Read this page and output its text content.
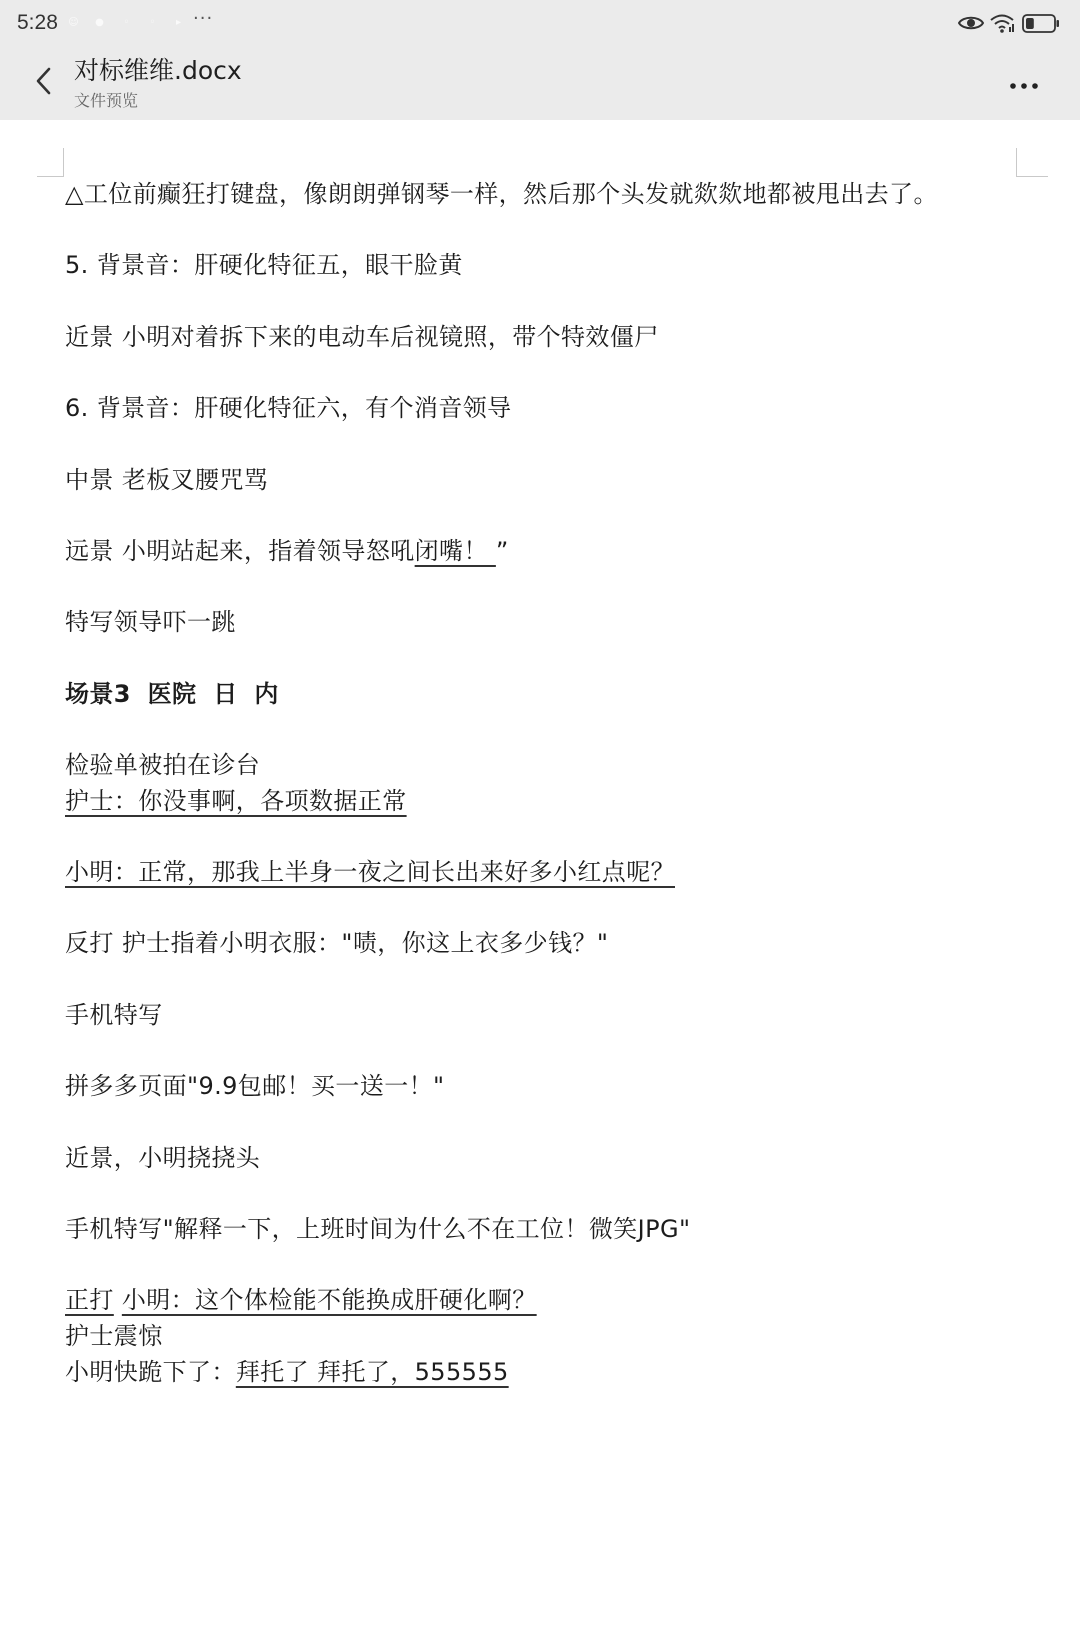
5:28	☺	●	◦	◦	▸ ···
对标维维.docx
文件预览
△工位前癫狂打键盘，像朗朗弹钢琴一样，然后那个头发就欻欻地都被甩出去了。
5. 背景音：肝硬化特征五，眼干脸黄
近景 小明对着拆下来的电动车后视镜照，带个特效僵尸
6. 背景音：肝硬化特征六，有个消音领导
中景 老板叉腰咒骂
远景 小明站起来，指着领导怒吼闭嘴！ ”
特写领导吓一跳
场景3 医院 日 内
检验单被拍在诊台
护士：你没事啊，各项数据正常
小明：正常，那我上半身一夜之间长出来好多小红点呢？
反打 护士指着小明衣服："啧，你这上衣多少钱？"
手机特写
拼多多页面"9.9包邮！买一送一！"
近景，小明挠挠头
手机特写"解释一下，上班时间为什么不在工位！微笑JPG"
正打 小明：这个体检能不能换成肝硬化啊？
护士震惊
小明快跪下了：拜托了 拜托了，555555
